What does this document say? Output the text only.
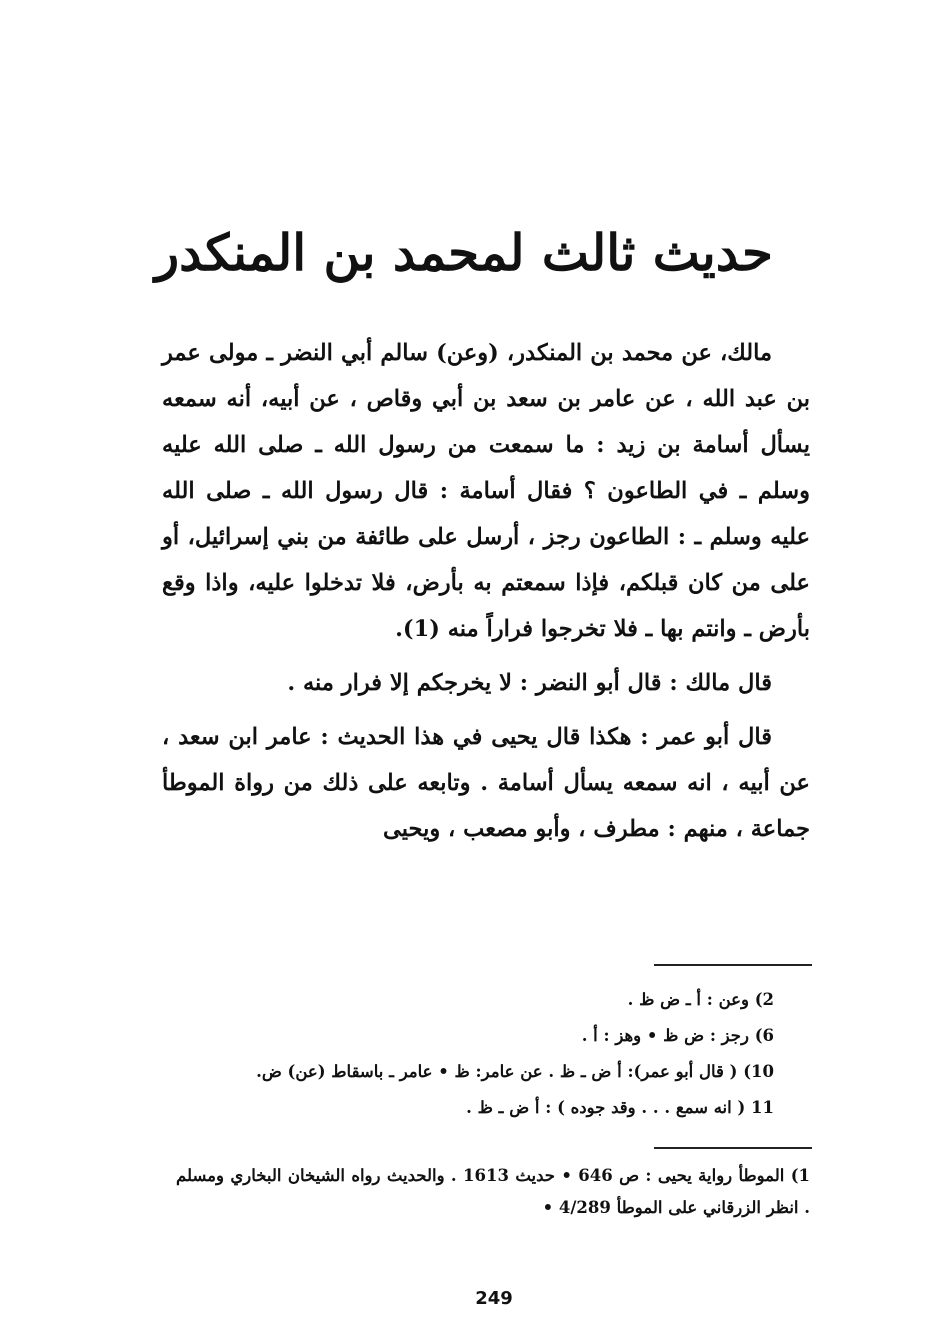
حديث ثالث لمحمد بن المنكدر

مالك، عن محمد بن المنكدر، (وعن) سالم أبي النضر ـ مولى عمر بن عبد الله ، عن عامر بن سعد بن أبي وقاص ، عن أبيه، أنه سمعه يسأل أسامة بن زيد : ما سمعت من رسول الله ـ صلى الله عليه وسلم ـ في الطاعون ؟ فقال أسامة : قال رسول الله ـ صلى الله عليه وسلم ـ : الطاعون رجز ، أرسل على طائفة من بني إسرائيل، أو على من كان قبلكم، فإذا سمعتم به بأرض، فلا تدخلوا عليه، واذا وقع بأرض ـ وانتم بها ـ فلا تخرجوا فراراً منه (1).

قال مالك : قال أبو النضر : لا يخرجكم إلا فرار منه .

قال أبو عمر : هكذا قال يحيى في هذا الحديث : عامر ابن سعد ، عن أبيه ، انه سمعه يسأل أسامة . وتابعه على ذلك من رواة الموطأ جماعة ، منهم : مطرف ، وأبو مصعب ، ويحيى

2) وعن : أ ـ ض ظ .
6) رجز : ض ظ • وهز : أ .
10) ( قال أبو عمر): أ ض ـ ظ . عن عامر: ظ • عامر ـ باسقاط (عن) ض.
11 ( انه سمع . . . وقد جوده ) : أ ض ـ ظ .
1) الموطأ رواية يحيى : ص 646 • حديث 1613 . والحديث رواه الشيخان البخاري ومسلم . انظر الزرقاني على الموطأ 4/289 •
249
